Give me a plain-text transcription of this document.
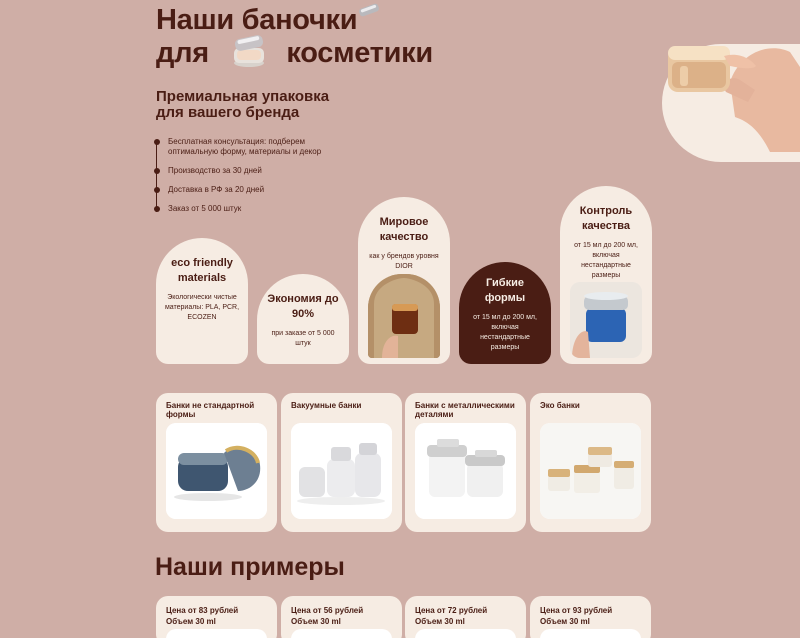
Наши баночки
для	косметики
Премиальная упаковка
для вашего бренда
Бесплатная консультация: подберем оптимальную форму, материалы и декор
Производство за 30 дней
Доставка в РФ за 20 дней
Заказ от 5 000 штук
eco friendly materials
Экологически чистые материалы: PLA, PCR, ECOZEN
Экономия до 90%
при заказе от 5 000 штук
Мировое качество
как у брендов уровня DIOR
Гибкие формы
от 15 мл до 200 мл, включая нестандартные размеры
Контроль качества
от 15 мл до 200 мл, включая нестандартные размеры
Банки не стандартной формы
Вакуумные банки	Банки с металлическими деталями
Эко банки
Наши примеры
Цена от 83 рублей
Объем 30 ml
Цена от 56 рублей
Объем 30 ml
Цена от 72 рублей
Объем 30 ml
Цена от 93 рублей
Объем 30 ml
